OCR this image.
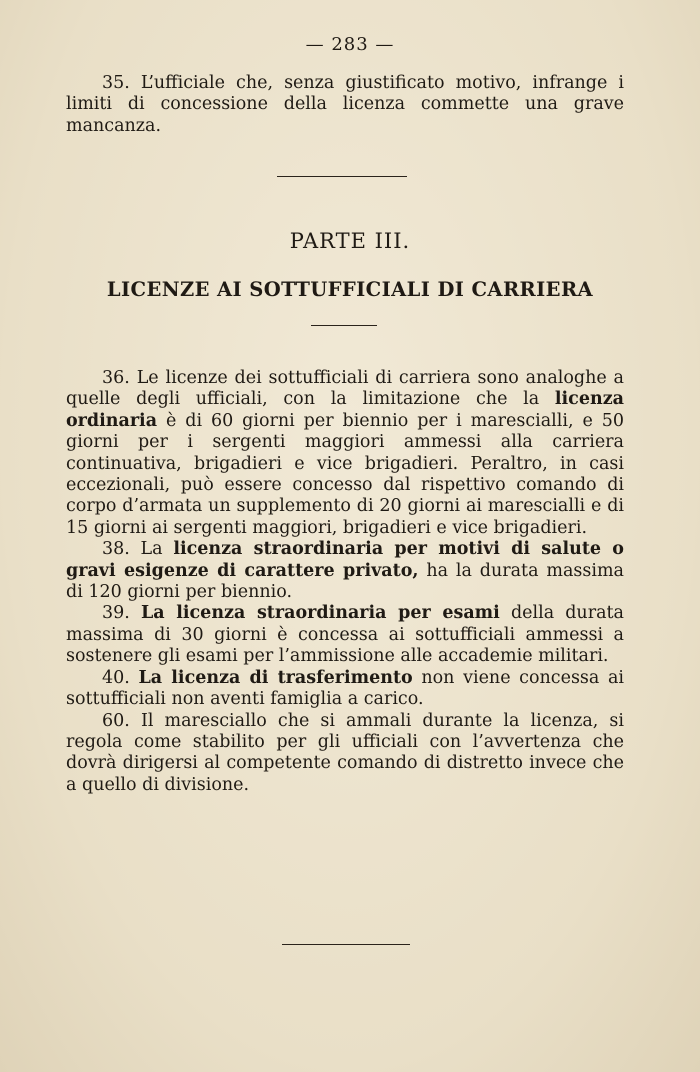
— 283 —

35. L’ufficiale che, senza giustificato motivo, infrange i limiti di concessione della licenza commette una grave mancanza.

PARTE III.
LICENZE AI SOTTUFFICIALI DI CARRIERA

36. Le licenze dei sottufficiali di carriera sono analoghe a quelle degli ufficiali, con la limitazione che la licenza ordinaria è di 60 giorni per biennio per i marescialli, e 50 giorni per i sergenti maggiori ammessi alla carriera continuativa, brigadieri e vice brigadieri. Peraltro, in casi eccezionali, può essere concesso dal rispettivo comando di corpo d’armata un supplemento di 20 giorni ai marescialli e di 15 giorni ai sergenti maggiori, brigadieri e vice brigadieri.

38. La licenza straordinaria per motivi di salute o gravi esigenze di carattere privato, ha la durata massima di 120 giorni per biennio.

39. La licenza straordinaria per esami della durata massima di 30 giorni è concessa ai sottufficiali ammessi a sostenere gli esami per l’ammissione alle accademie militari.

40. La licenza di trasferimento non viene concessa ai sottufficiali non aventi famiglia a carico.

60. Il maresciallo che si ammali durante la licenza, si regola come stabilito per gli ufficiali con l’avvertenza che dovrà dirigersi al competente comando di distretto invece che a quello di divisione.
